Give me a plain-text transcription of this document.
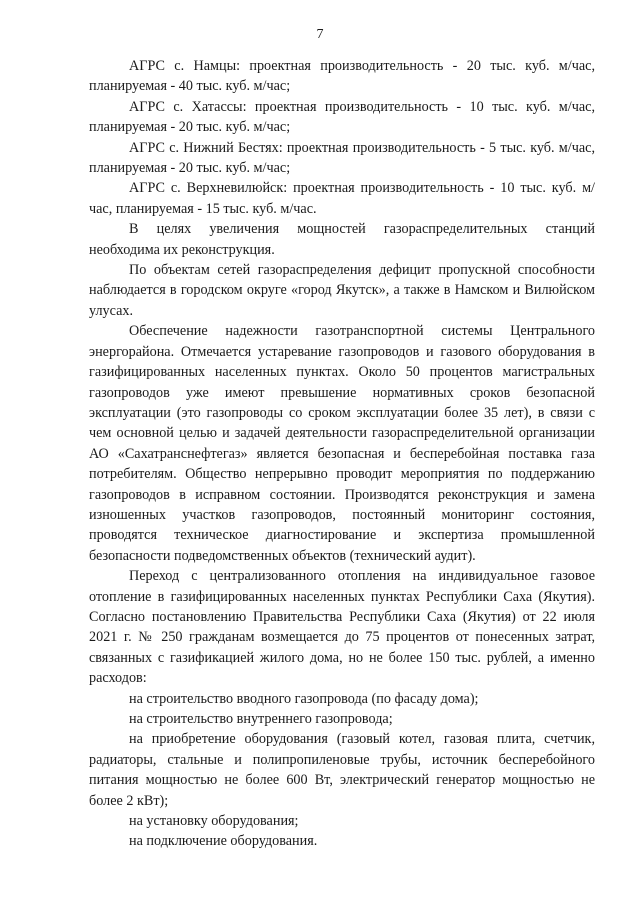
7

АГРС с. Намцы: проектная производительность - 20 тыс. куб. м/час, планируемая - 40 тыс. куб. м/час;

АГРС с. Хатассы: проектная производительность - 10 тыс. куб. м/час, планируемая - 20 тыс. куб. м/час;

АГРС с. Нижний Бестях: проектная производительность - 5 тыс. куб. м/час, планируемая - 20 тыс. куб. м/час;

АГРС с. Верхневилюйск: проектная производительность - 10 тыс. куб. м/час, планируемая - 15 тыс. куб. м/час.

В целях увеличения мощностей газораспределительных станций необходима их реконструкция.

По объектам сетей газораспределения дефицит пропускной способности наблюдается в городском округе «город Якутск», а также в Намском и Вилюйском улусах.

Обеспечение надежности газотранспортной системы Центрального энергорайона. Отмечается устаревание газопроводов и газового оборудования в газифицированных населенных пунктах. Около 50 процентов магистральных газопроводов уже имеют превышение нормативных сроков безопасной эксплуатации (это газопроводы со сроком эксплуатации более 35 лет), в связи с чем основной целью и задачей деятельности газораспределительной организации АО «Сахатранснефтегаз» является безопасная и бесперебойная поставка газа потребителям. Общество непрерывно проводит мероприятия по поддержанию газопроводов в исправном состоянии. Производятся реконструкция и замена изношенных участков газопроводов, постоянный мониторинг состояния, проводятся техническое диагностирование и экспертиза промышленной безопасности подведомственных объектов (технический аудит).

Переход с централизованного отопления на индивидуальное газовое отопление в газифицированных населенных пунктах Республики Саха (Якутия). Согласно постановлению Правительства Республики Саха (Якутия) от 22 июля 2021 г. № 250 гражданам возмещается до 75 процентов от понесенных затрат, связанных с газификацией жилого дома, но не более 150 тыс. рублей, а именно расходов:

на строительство вводного газопровода (по фасаду дома);

на строительство внутреннего газопровода;

на приобретение оборудования (газовый котел, газовая плита, счетчик, радиаторы, стальные и полипропиленовые трубы, источник бесперебойного питания мощностью не более 600 Вт, электрический генератор мощностью не более 2 кВт);

на установку оборудования;

на подключение оборудования.
